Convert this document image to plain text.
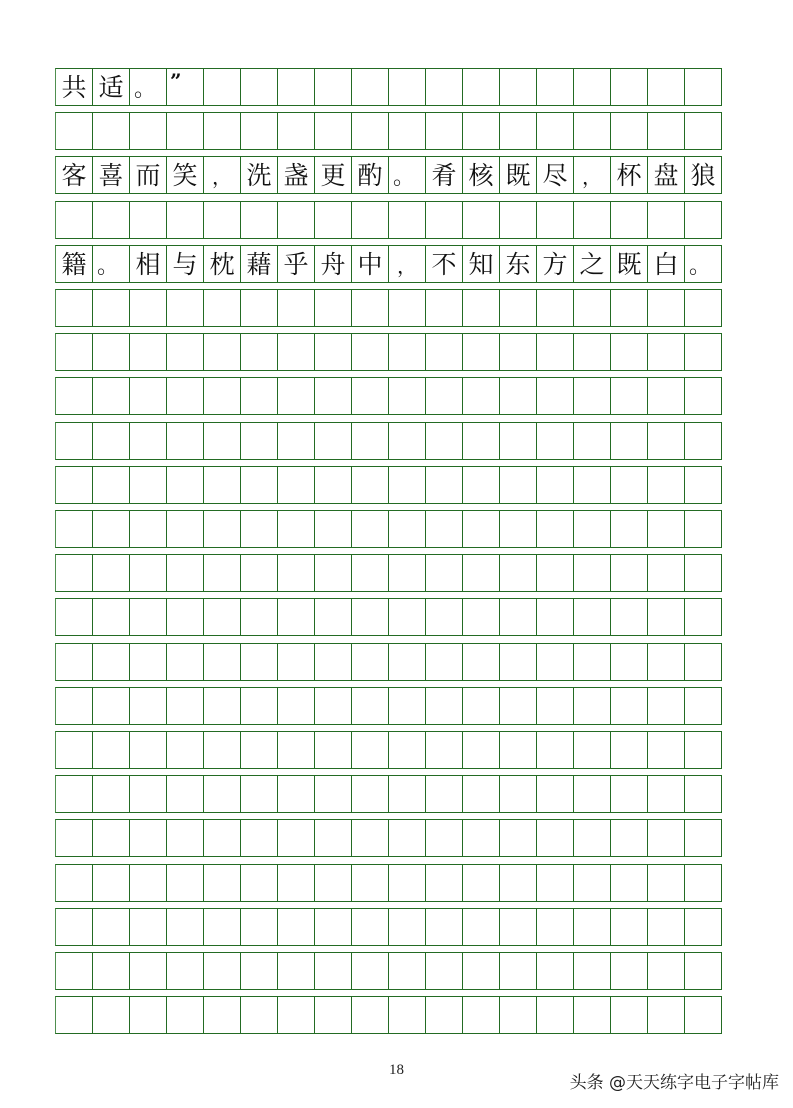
共 适 。 ”
客 喜 而 笑 ， 洗 盏 更 酌 。 肴 核 既 尽 ， 杯 盘 狼
籍 。 相 与 枕 藉 乎 舟 中 ， 不 知 东 方 之 既 白 。
18
头条 @天天练字电子字帖库
